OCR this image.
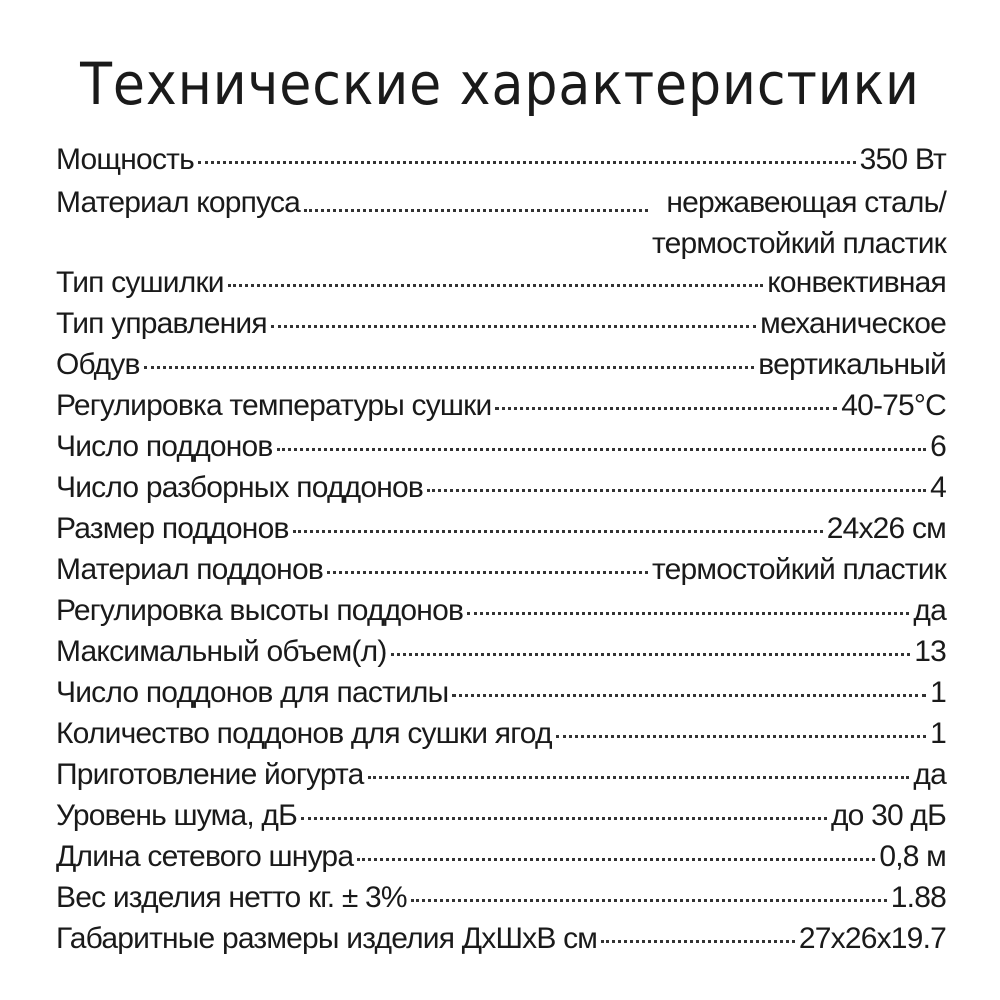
Технические характеристики
Мощность	350 Вт
Материал корпуса	нержавеющая сталь/
термостойкий пластик
Тип сушилки	конвективная
Тип управления	механическое
Обдув	вертикальный
Регулировка температуры сушки	40-75°С
Число поддонов	6
Число разборных поддонов	4
Размер поддонов	24x26 см
Материал поддонов	термостойкий пластик
Регулировка высоты поддонов	да
Максимальный объем(л)	13
Число поддонов для пастилы	1
Количество поддонов для сушки ягод	1
Приготовление йогурта	да
Уровень шума, дБ	до 30 дБ
Длина сетевого шнура	0,8 м
Вес изделия нетто кг. ± 3%	1.88
Габаритные размеры изделия ДхШхВ см	27x26x19.7
